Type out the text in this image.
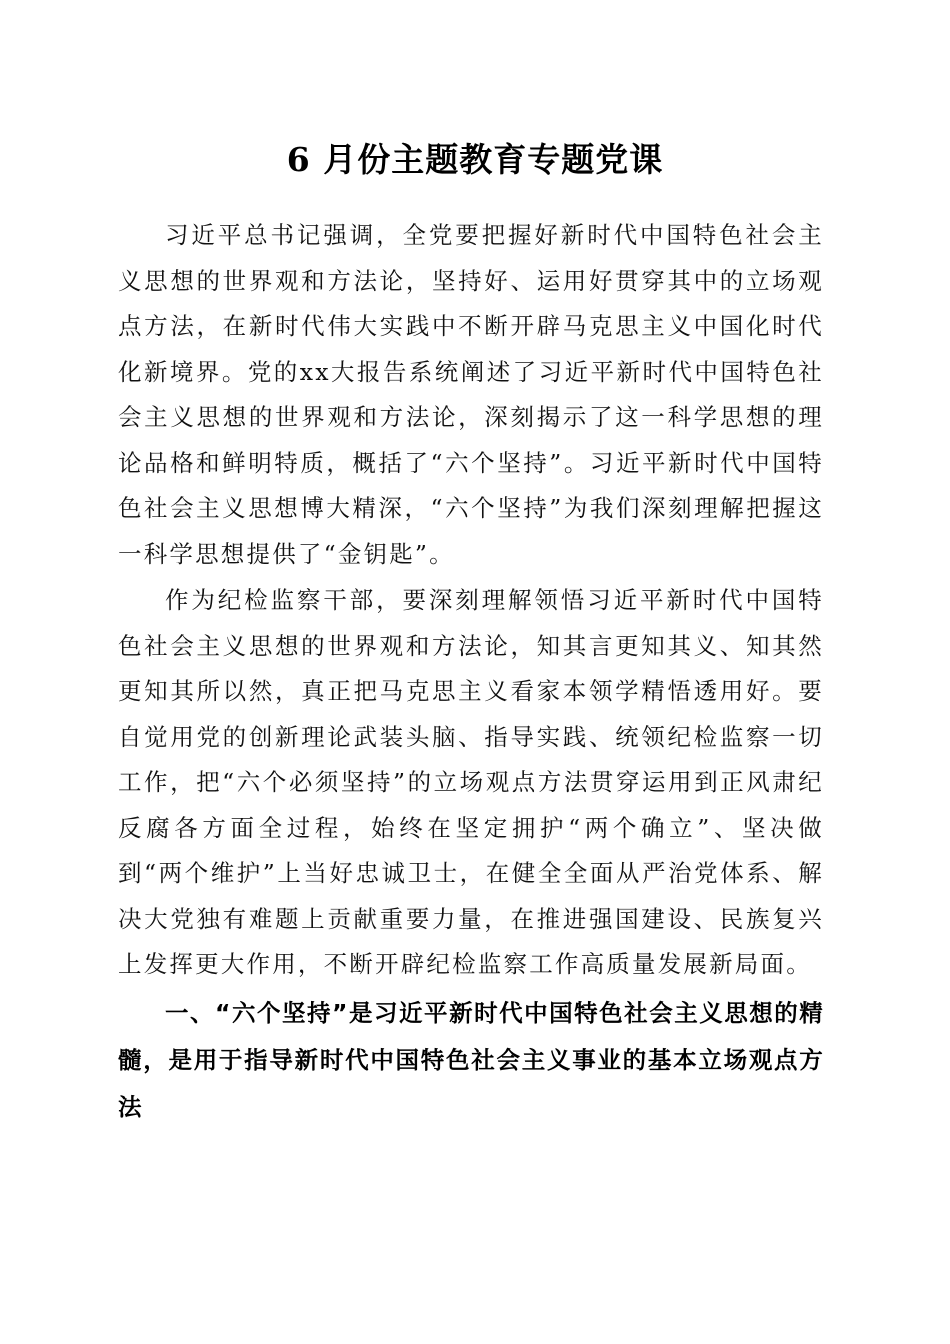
6 月份主题教育专题党课

习近平总书记强调，全党要把握好新时代中国特色社会主义思想的世界观和方法论，坚持好、运用好贯穿其中的立场观点方法，在新时代伟大实践中不断开辟马克思主义中国化时代化新境界。党的xx大报告系统阐述了习近平新时代中国特色社会主义思想的世界观和方法论，深刻揭示了这一科学思想的理论品格和鲜明特质，概括了“六个坚持”。习近平新时代中国特色社会主义思想博大精深，“六个坚持”为我们深刻理解把握这一科学思想提供了“金钥匙”。

作为纪检监察干部，要深刻理解领悟习近平新时代中国特色社会主义思想的世界观和方法论，知其言更知其义、知其然更知其所以然，真正把马克思主义看家本领学精悟透用好。要自觉用党的创新理论武装头脑、指导实践、统领纪检监察一切工作，把“六个必须坚持”的立场观点方法贯穿运用到正风肃纪反腐各方面全过程，始终在坚定拥护“两个确立”、坚决做到“两个维护”上当好忠诚卫士，在健全全面从严治党体系、解决大党独有难题上贡献重要力量，在推进强国建设、民族复兴上发挥更大作用，不断开辟纪检监察工作高质量发展新局面。

一、“六个坚持”是习近平新时代中国特色社会主义思想的精髓，是用于指导新时代中国特色社会主义事业的基本立场观点方法
